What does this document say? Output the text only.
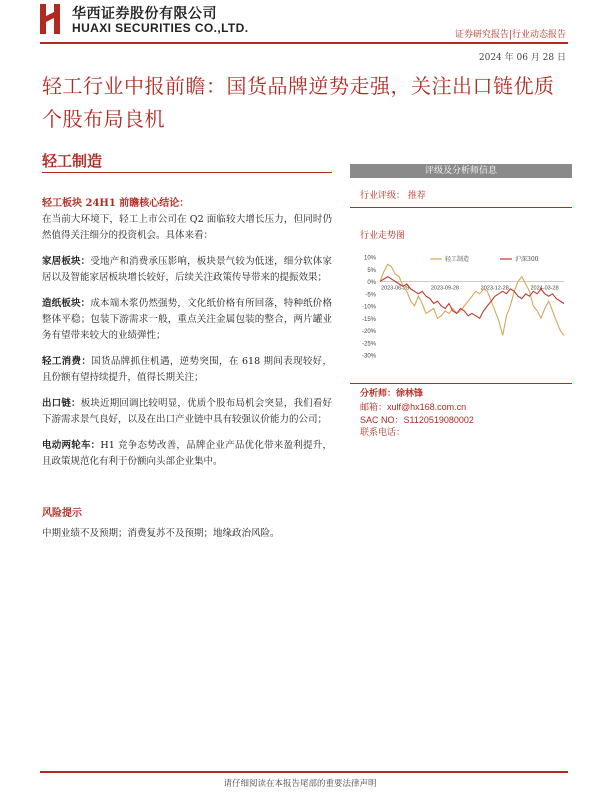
华西证券股份有限公司
HUAXI SECURITIES CO.,LTD.	证券研究报告|行业动态报告
2024 年 06 月 28 日
轻工行业中报前瞻：国货品牌逆势走强，关注出口链优质个股布局良机
轻工制造
轻工板块 24H1 前瞻核心结论：
在当前大环境下，轻工上市公司在 Q2 面临较大增长压力，但同时仍然值得关注细分的投资机会。具体来看：
家居板块：受地产和消费承压影响，板块景气较为低迷，细分软体家居以及智能家居板块增长较好，后续关注政策传导带来的提振效果；
造纸板块：成本端木浆仍然强势，文化纸价格有所回落，特种纸价格整体平稳；包装下游需求一般，重点关注金属包装的整合，两片罐业务有望带来较大的业绩弹性；
轻工消费：国货品牌抓住机遇，逆势突围，在 618 期间表现较好，且份额有望持续提升，值得长期关注；
出口链：板块近期回调比较明显，优质个股布局机会突显，我们看好下游需求景气良好，以及在出口产业链中具有较强议价能力的公司；
电动两轮车：H1 竞争态势改善，品牌企业产品优化带来盈利提升，且政策规范化有利于份额向头部企业集中。
风险提示
中期业绩不及预期；消费复苏不及预期；地缘政治风险。
评级及分析师信息
行业评级： 推荐
行业走势图
10%
5%
0%
-5%
-10%
-15%
-20%
-25%
-30%
2023-06-28	2023-09-28	2023-12-28	2024-03-28
轻工制造	沪深300
分析师：徐林锋
邮箱：xulf@hx168.com.cn
SAC NO：S1120519080002
联系电话：
请仔细阅读在本报告尾部的重要法律声明
